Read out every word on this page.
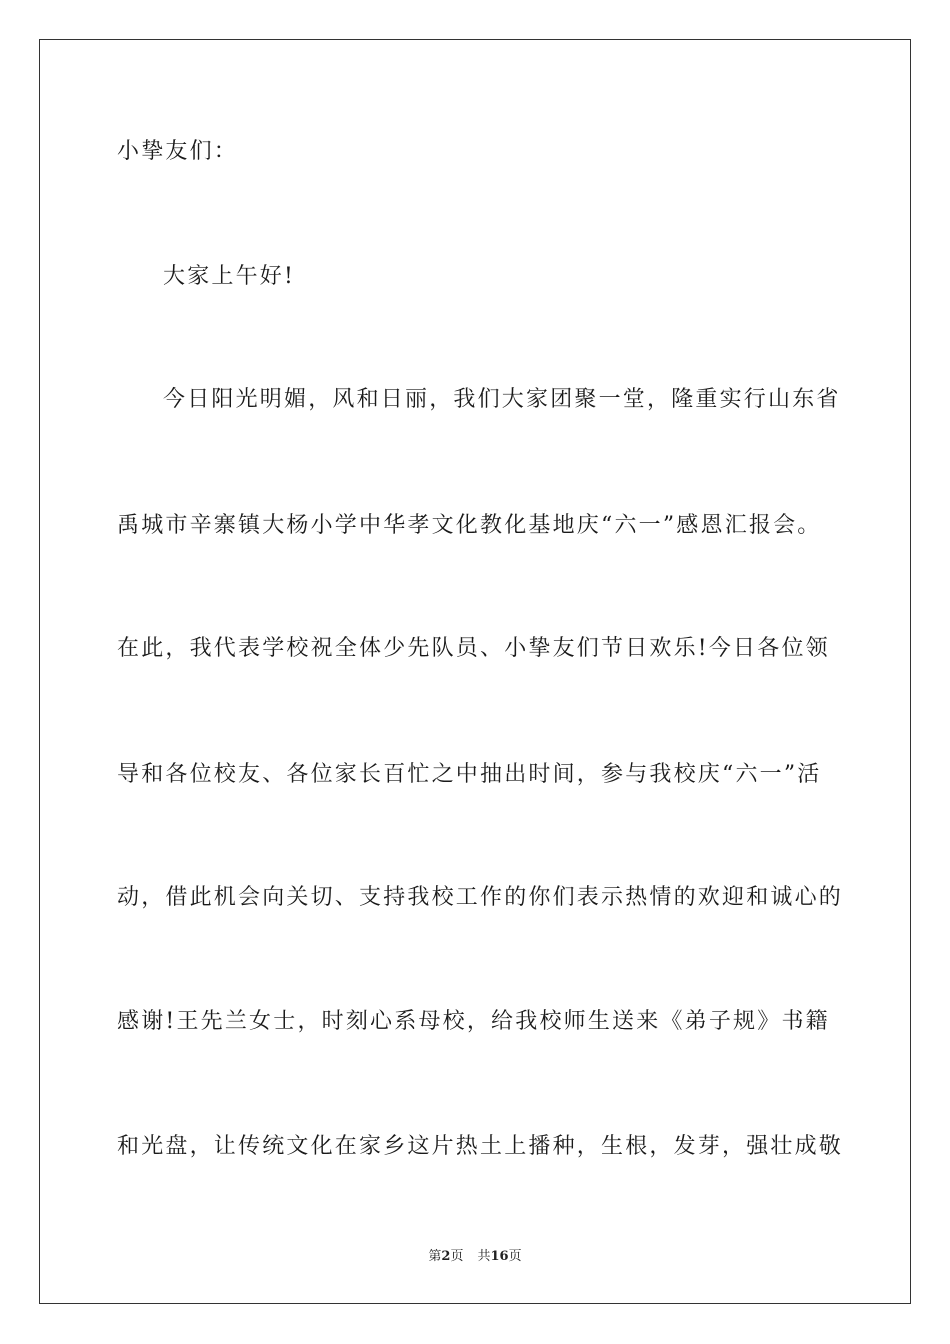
小挚友们：
大家上午好!
今日阳光明媚，风和日丽，我们大家团聚一堂，隆重实行山东省
禹城市辛寨镇大杨小学中华孝文化教化基地庆“六一”感恩汇报会。
在此，我代表学校祝全体少先队员、小挚友们节日欢乐!今日各位领
导和各位校友、各位家长百忙之中抽出时间，参与我校庆“六一”活
动，借此机会向关切、支持我校工作的你们表示热情的欢迎和诚心的
感谢!王先兰女士，时刻心系母校，给我校师生送来《弟子规》书籍
和光盘，让传统文化在家乡这片热土上播种，生根，发芽，强壮成敬
第2页 共16页
